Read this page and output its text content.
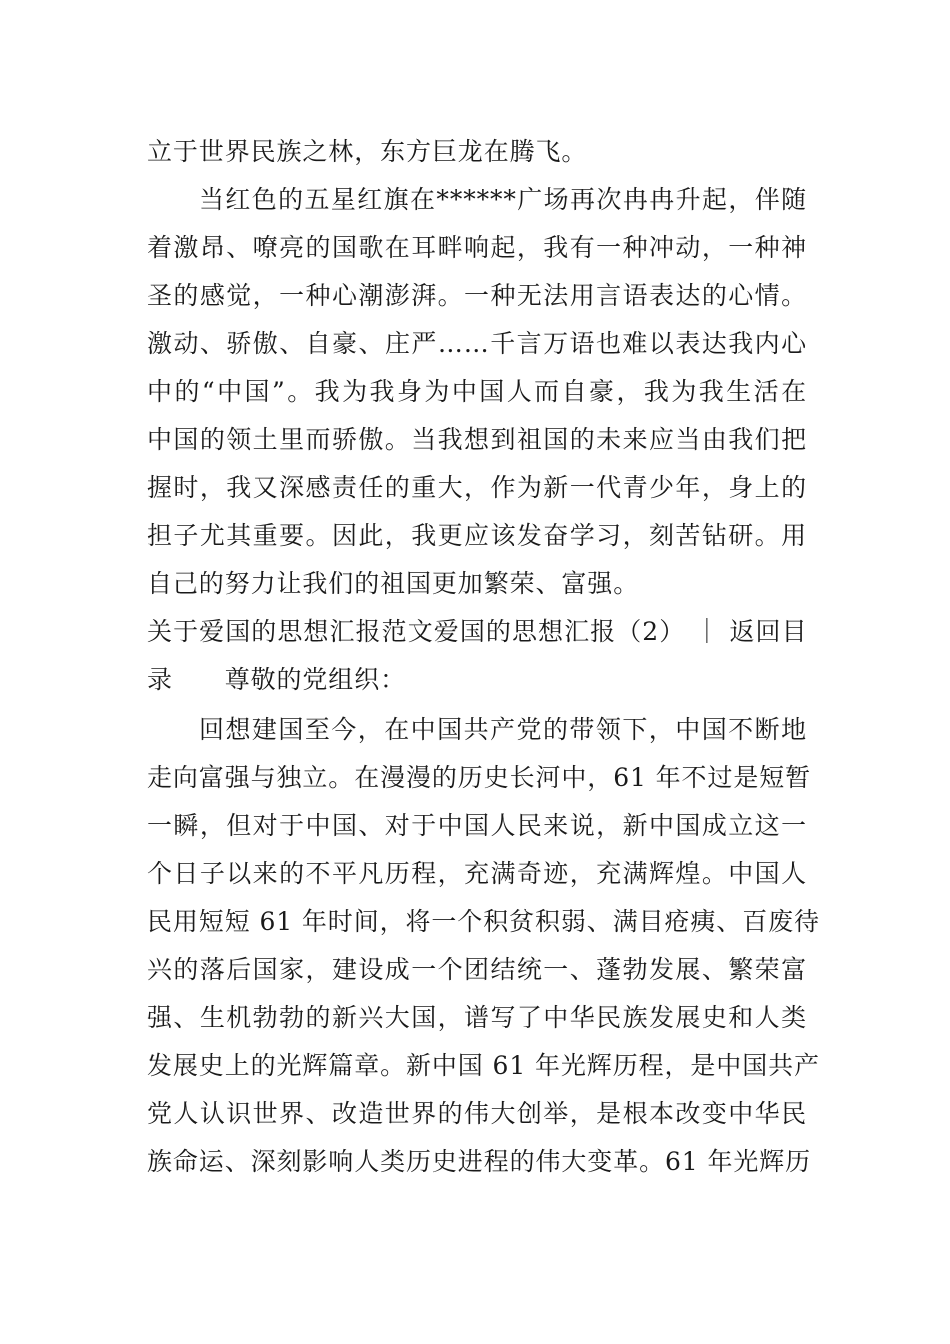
立于世界民族之林，东方巨龙在腾飞。
当红色的五星红旗在******广场再次冉冉升起，伴随
着激昂、嘹亮的国歌在耳畔响起，我有一种冲动，一种神
圣的感觉，一种心潮澎湃。一种无法用言语表达的心情。
激动、骄傲、自豪、庄严……千言万语也难以表达我内心
中的“中国”。我为我身为中国人而自豪，我为我生活在
中国的领土里而骄傲。当我想到祖国的未来应当由我们把
握时，我又深感责任的重大，作为新一代青少年，身上的
担子尤其重要。因此，我更应该发奋学习，刻苦钻研。用
自己的努力让我们的祖国更加繁荣、富强。
关于爱国的思想汇报范文爱国的思想汇报（2） ｜ 返回目
录　　尊敬的党组织：
回想建国至今，在中国共产党的带领下，中国不断地
走向富强与独立。在漫漫的历史长河中，61 年不过是短暂
一瞬，但对于中国、对于中国人民来说，新中国成立这一
个日子以来的不平凡历程，充满奇迹，充满辉煌。中国人
民用短短 61 年时间，将一个积贫积弱、满目疮痍、百废待
兴的落后国家，建设成一个团结统一、蓬勃发展、繁荣富
强、生机勃勃的新兴大国，谱写了中华民族发展史和人类
发展史上的光辉篇章。新中国 61 年光辉历程，是中国共产
党人认识世界、改造世界的伟大创举，是根本改变中华民
族命运、深刻影响人类历史进程的伟大变革。61 年光辉历
